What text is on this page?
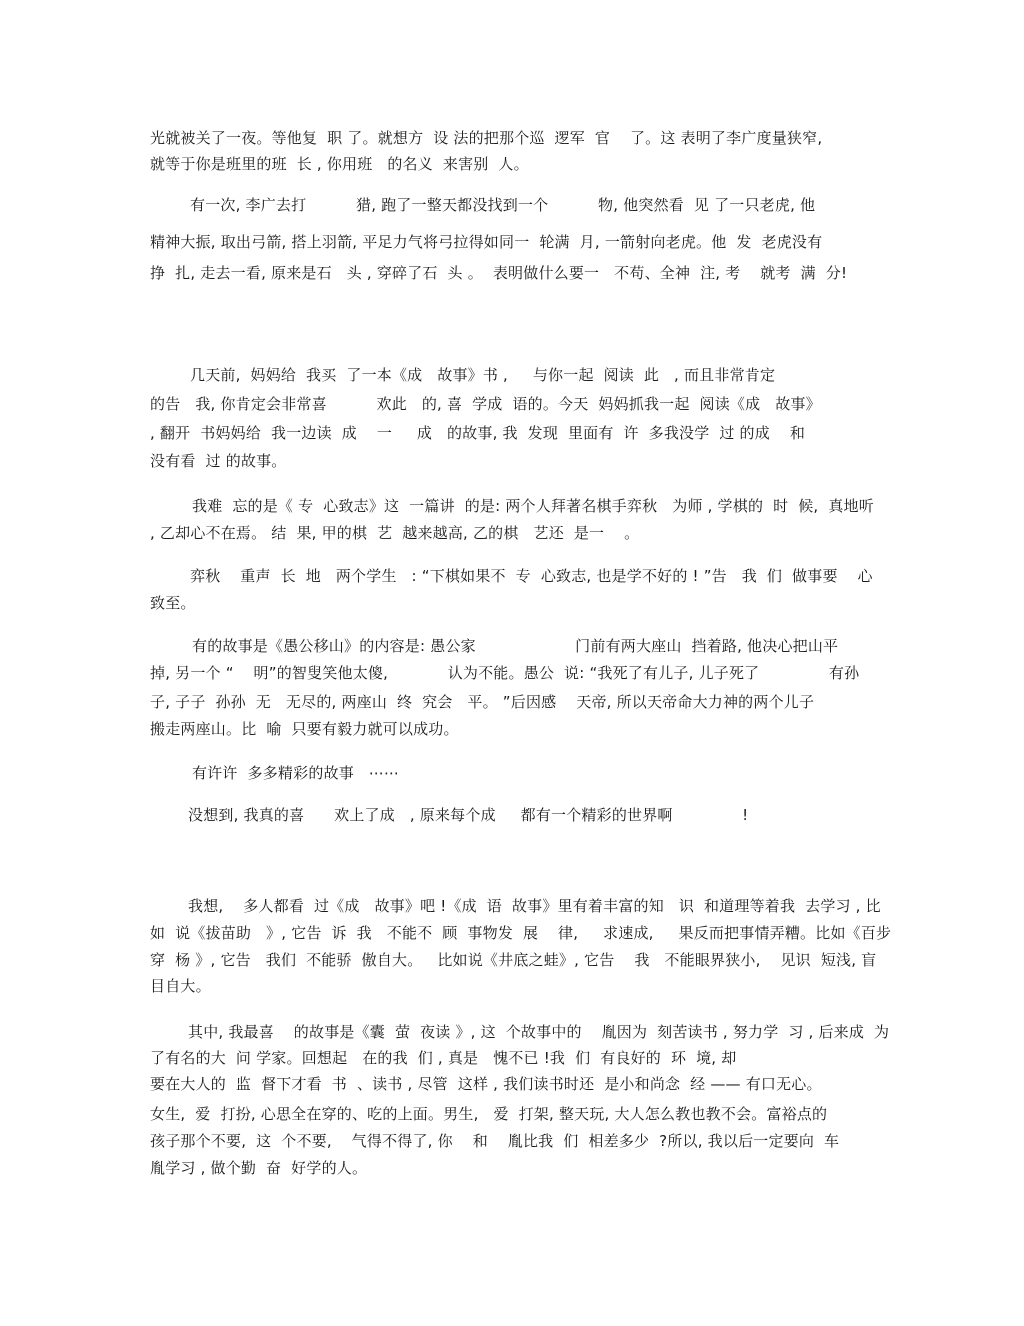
光就被关了一夜。等他复  职 了。就想方  设 法的把那个巡  逻军  官    了。这 表明了李广度量狭窄,
就等于你是班里的班  长 , 你用班   的名义  来害别  人。
有一次, 李广去打          猎, 跑了一整天都没找到一个          物, 他突然看  见 了一只老虎, 他
精神大振, 取出弓箭, 搭上羽箭, 平足力气将弓拉得如同一  轮满  月, 一箭射向老虎。他  发  老虎没有
挣  扎, 走去一看, 原来是石   头 , 穿碎了石  头 。  表明做什么要一   不苟、全神  注, 考    就考  满  分!
几天前,  妈妈给  我买  了一本《成   故事》书 ,     与你一起  阅读  此   , 而且非常肯定
的告   我, 你肯定会非常喜          欢此   的, 喜  学成  语的。今天  妈妈抓我一起  阅读《成   故事》
, 翻开  书妈妈给  我一边读  成    一     成   的故事, 我  发现  里面有  许  多我没学  过 的成    和
没有看  过 的故事。
我难  忘的是《 专  心致志》这  一篇讲  的是: 两个人拜著名棋手弈秋   为师 , 学棋的  时  候,  真地听
, 乙却心不在焉。 结  果, 甲的棋  艺  越来越高, 乙的棋   艺还  是一    。
弈秋    重声  长  地   两个学生   : “下棋如果不  专  心致志, 也是学不好的 ! ”告   我  们  做事要    心
致至。
有的故事是《愚公移山》的内容是: 愚公家                    门前有两大座山  挡着路, 他决心把山平
掉, 另一个 “    明”的智叟笑他太傻,            认为不能。愚公  说: “我死了有儿子, 儿子死了              有孙
子, 子子  孙孙  无   无尽的, 两座山  终  究会   平。 ”后因感    天帝, 所以天帝命大力神的两个儿子
搬走两座山。比  喻  只要有毅力就可以成功。
有许许  多多精彩的故事   ⋯⋯
没想到, 我真的喜      欢上了成   , 原来每个成     都有一个精彩的世界啊              !
我想,    多人都看  过《成   故事》吧 !《成  语  故事》里有着丰富的知   识  和道理等着我  去学习 , 比
如  说《拔苗助   》, 它告  诉  我   不能不  顾  事物发  展    律,     求速成,     果反而把事情弄糟。比如《百步
穿  杨 》, 它告   我们  不能骄  傲自大。   比如说《井底之蛙》, 它告    我   不能眼界狭小,    见识  短浅, 盲
目自大。
其中, 我最喜    的故事是《囊  萤  夜读 》, 这  个故事中的    胤因为  刻苦读书 , 努力学  习 , 后来成  为
了有名的大  问 学家。回想起   在的我  们 , 真是   愧不已 !我  们  有良好的  环  境, 却
要在大人的  监  督下才看  书  、读书 , 尽管  这样 , 我们读书时还  是小和尚念  经 —— 有口无心。
女生,  爱  打扮, 心思全在穿的、吃的上面。男生,   爱  打架, 整天玩, 大人怎么教也教不会。富裕点的
孩子那个不要,  这  个不要,    气得不得了, 你    和    胤比我  们  相差多少  ?所以, 我以后一定要向  车
胤学习 , 做个勤  奋  好学的人。
